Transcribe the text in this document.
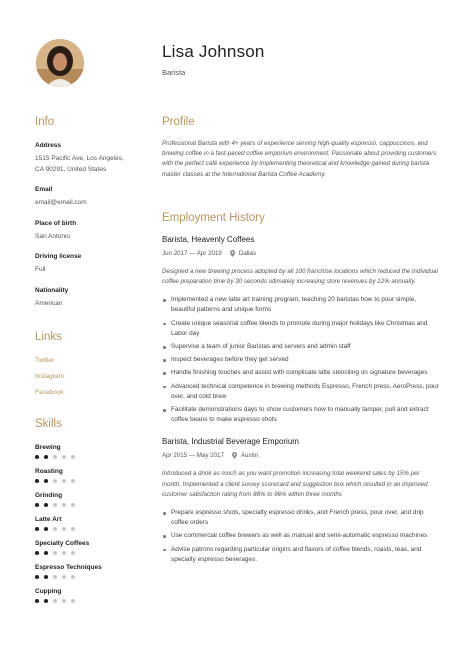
Lisa Johnson
Barista
Info
Address
1515 Pacific Ave, Los Angeles, CA 90291, United States
Email
email@email.com
Place of birth
San Antonio
Driving license
Full
Nationality
American
Links
Twitter
Instagram
Facebook
Skills
Brewing
Roasting
Grinding
Latte Art
Specialty Coffees
Espresso Techniques
Cupping
Profile
Professional Barista with 4+ years of experience serving high-quality espresso, cappuccinos, and brewing coffee in a fast-paced coffee emporium environment. Passionate about providing customers with the perfect café experience by implementing theoretical and knowledge gained during barista master classes at the International Barista Coffee Academy.
Employment History
Barista, Heavenly Coffees
Jun 2017 — Apr 2019	Dallas
Designed a new brewing process adopted by all 100 franchise locations which reduced the individual coffee preparation time by 30 seconds ultimately increasing store revenues by 12% annually.
Implemented a new latte art training program, teaching 20 baristas how to pour simple, beautiful patterns and unique forms
Create unique seasonal coffee blends to promote during major holidays like Christmas and Labor day
Supervise a team of junior Baristas and servers and admin staff
Inspect beverages before they get served
Handle finishing touches and assist with complicate latte stenciling on signature beverages
Advanced technical competence in brewing methods Espresso, French press, AeroPress, pour over, and cold brew
Facilitate demonstrations days to show customers how to manually tamper, pull and extract coffee beans to make espresso shots
Barista, Industrial Beverage Emporium
Apr 2015 — May 2017	Austin
Introduced a drink as much as you want promotion increasing total weekend sales by 15% per month. Implemented a client survey scorecard and suggestion box which resulted in an improved customer satisfaction rating from 88% to 96% within three months
Prepare espresso shots, specialty espresso drinks, and French press, pour over, and drip coffee orders
Use commercial coffee brewers as well as manual and semi-automatic espresso machines
Advise patrons regarding particular origins and flavors of coffee blends, roasts, teas, and specialty espresso beverages.
